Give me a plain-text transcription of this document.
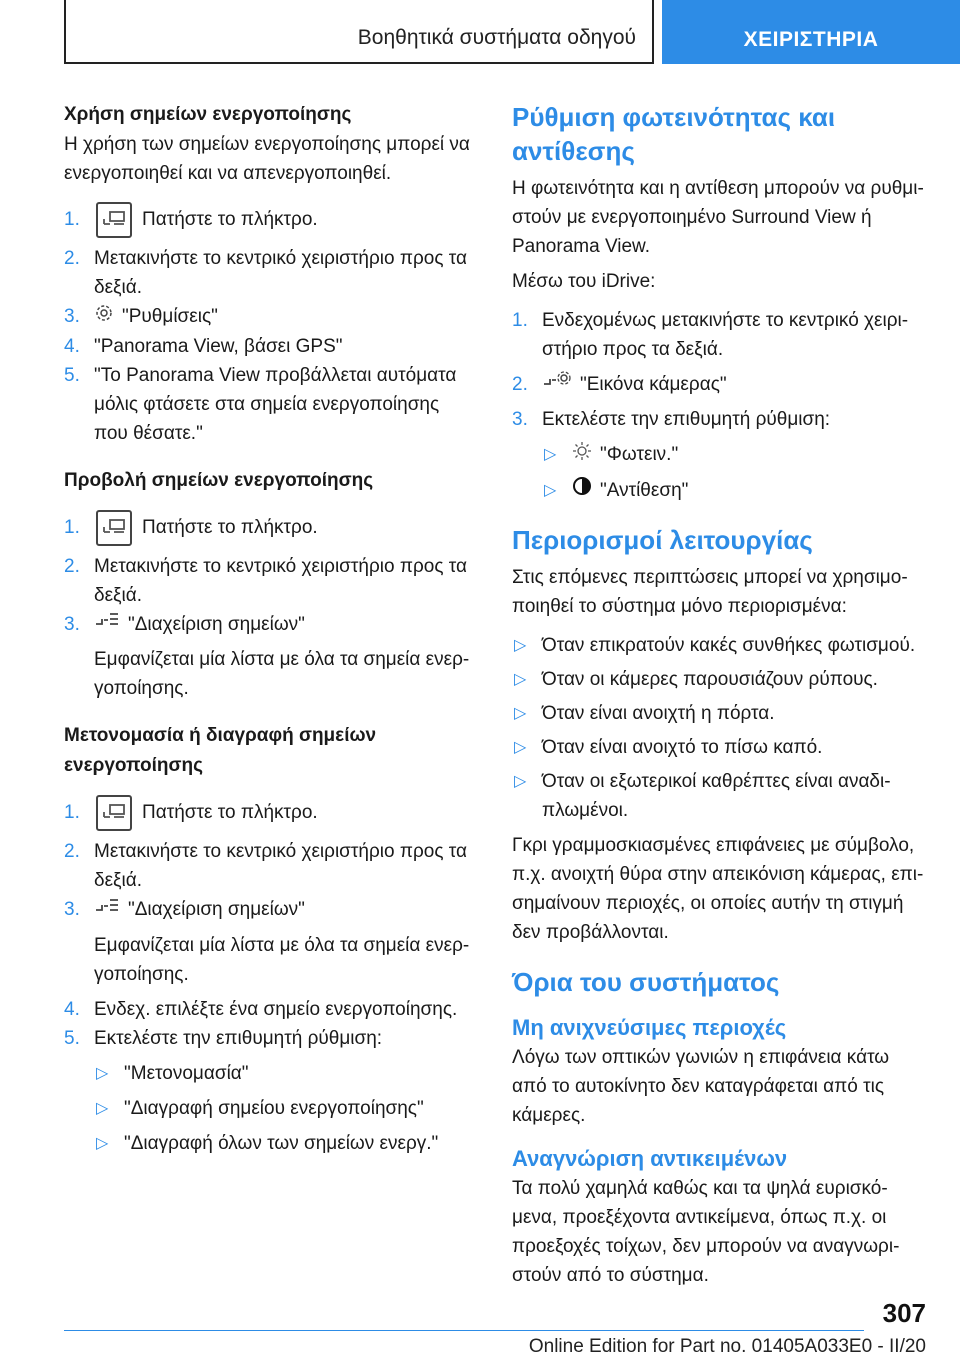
Βοηθητικά συστήματα οδηγού	ΧΕΙΡΙΣΤΗΡΙΑ

Χρήση σημείων ενεργοποίησης

Η χρήση των σημείων ενεργοποίησης μπορεί να ενεργοποιηθεί και να απενεργοποιηθεί.

1.	Πατήστε το πλήκτρο.
2. Μετακινήστε το κεντρικό χειριστήριο προς τα δεξιά.
3. "Ρυθμίσεις"
4. "Panorama View, βάσει GPS"
5. "Το Panorama View προβάλλεται αυτόματα μόλις φτάσετε στα σημεία ενεργοποίησης που θέσατε."

Προβολή σημείων ενεργοποίησης

1.	Πατήστε το πλήκτρο.
2. Μετακινήστε το κεντρικό χειριστήριο προς τα δεξιά.
3.	"Διαχείριση σημείων"

Εμφανίζεται μία λίστα με όλα τα σημεία ενεργοποίησης.

Μετονομασία ή διαγραφή σημείων ενεργοποίησης

1.	Πατήστε το πλήκτρο.
2. Μετακινήστε το κεντρικό χειριστήριο προς τα δεξιά.
3.	"Διαχείριση σημείων"

Εμφανίζεται μία λίστα με όλα τα σημεία ενεργοποίησης.

4. Ενδεχ. επιλέξτε ένα σημείο ενεργοποίησης.
5. Εκτελέστε την επιθυμητή ρύθμιση:
▷ "Μετονομασία"
▷ "Διαγραφή σημείου ενεργοποίησης"
▷ "Διαγραφή όλων των σημείων ενεργ."

Ρύθμιση φωτεινότητας και αντίθεσης

Η φωτεινότητα και η αντίθεση μπορούν να ρυθμιστούν με ενεργοποιημένο Surround View ή Panorama View.

Μέσω του iDrive:

1. Ενδεχομένως μετακινήστε το κεντρικό χειριστήριο προς τα δεξιά.
2.	"Εικόνα κάμερας"
3. Εκτελέστε την επιθυμητή ρύθμιση:
▷ "Φωτειν."
▷ "Αντίθεση"

Περιορισμοί λειτουργίας

Στις επόμενες περιπτώσεις μπορεί να χρησιμοποιηθεί το σύστημα μόνο περιορισμένα:

▷ Όταν επικρατούν κακές συνθήκες φωτισμού.
▷ Όταν οι κάμερες παρουσιάζουν ρύπους.
▷ Όταν είναι ανοιχτή η πόρτα.
▷ Όταν είναι ανοιχτό το πίσω καπό.
▷ Όταν οι εξωτερικοί καθρέπτες είναι αναδιπλωμένοι.

Γκρι γραμμοσκιασμένες επιφάνειες με σύμβολο, π.χ. ανοιχτή θύρα στην απεικόνιση κάμερας, επισημαίνουν περιοχές, οι οποίες αυτήν τη στιγμή δεν προβάλλονται.

Όρια του συστήματος

Μη ανιχνεύσιμες περιοχές

Λόγω των οπτικών γωνιών η επιφάνεια κάτω από το αυτοκίνητο δεν καταγράφεται από τις κάμερες.

Αναγνώριση αντικειμένων

Τα πολύ χαμηλά καθώς και τα ψηλά ευρισκόμενα, προεξέχοντα αντικείμενα, όπως π.χ. οι προεξοχές τοίχων, δεν μπορούν να αναγνωριστούν από το σύστημα.

307
Online Edition for Part no. 01405A033E0 - II/20
